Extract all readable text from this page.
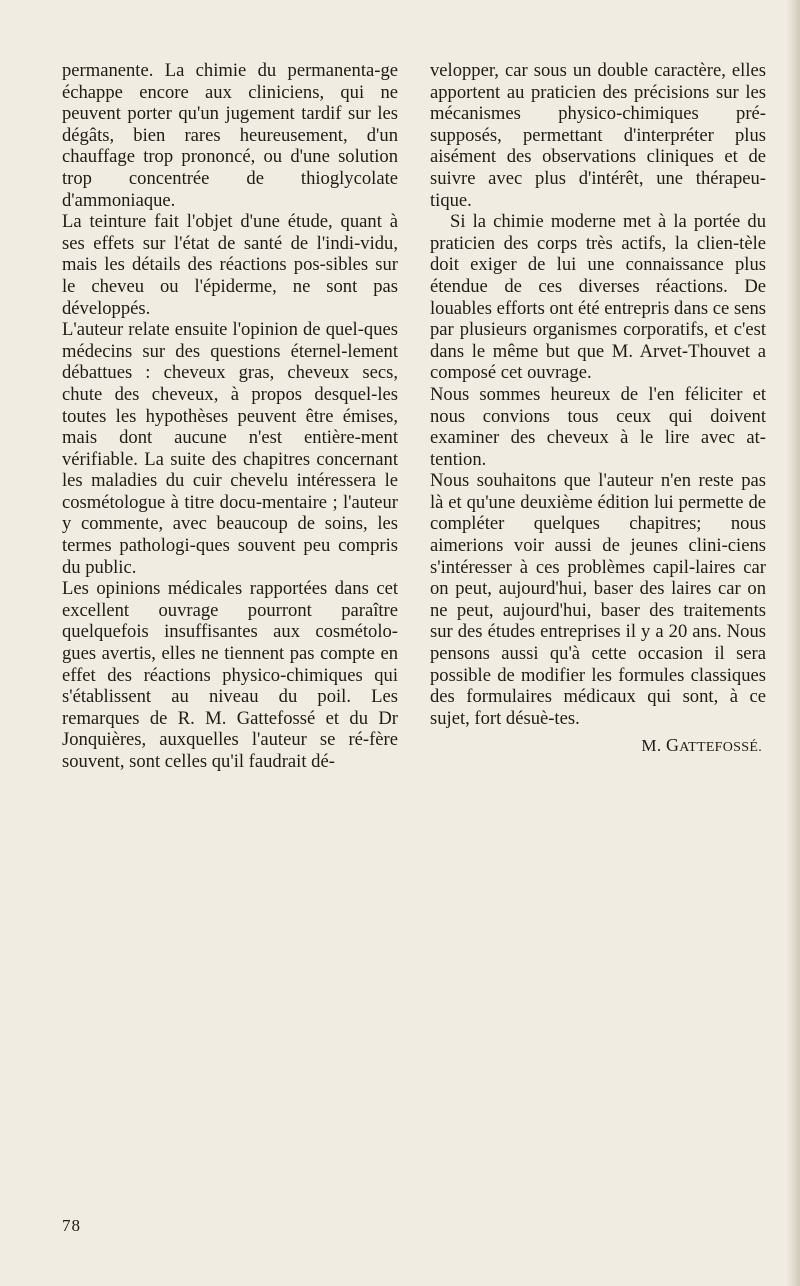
permanente. La chimie du permanenta-ge échappe encore aux cliniciens, qui ne peuvent porter qu'un jugement tardif sur les dégâts, bien rares heureusement, d'un chauffage trop prononcé, ou d'une solution trop concentrée de thioglycolate d'ammoniaque.

La teinture fait l'objet d'une étude, quant à ses effets sur l'état de santé de l'indi-vidu, mais les détails des réactions pos-sibles sur le cheveu ou l'épiderme, ne sont pas développés.

L'auteur relate ensuite l'opinion de quel-ques médecins sur des questions éternel-lement débattues : cheveux gras, cheveux secs, chute des cheveux, à propos desquel-les toutes les hypothèses peuvent être émises, mais dont aucune n'est entière-ment vérifiable. La suite des chapitres concernant les maladies du cuir chevelu intéressera le cosmétologue à titre docu-mentaire ; l'auteur y commente, avec beaucoup de soins, les termes pathologi-ques souvent peu compris du public.

Les opinions médicales rapportées dans cet excellent ouvrage pourront paraître quelquefois insuffisantes aux cosmétolo-gues avertis, elles ne tiennent pas compte en effet des réactions physico-chimiques qui s'établissent au niveau du poil. Les remarques de R. M. Gattefossé et du Dr Jonquières, auxquelles l'auteur se ré-fère souvent, sont celles qu'il faudrait dé-

velopper, car sous un double caractère, elles apportent au praticien des précisions sur les mécanismes physico-chimiques pré-supposés, permettant d'interpréter plus aisément des observations cliniques et de suivre avec plus d'intérêt, une thérapeu-tique.

Si la chimie moderne met à la portée du praticien des corps très actifs, la clien-tèle doit exiger de lui une connaissance plus étendue de ces diverses réactions. De louables efforts ont été entrepris dans ce sens par plusieurs organismes corporatifs, et c'est dans le même but que M. Arvet-Thouvet a composé cet ouvrage.

Nous sommes heureux de l'en féliciter et nous convions tous ceux qui doivent examiner des cheveux à le lire avec at-tention.

Nous souhaitons que l'auteur n'en reste pas là et qu'une deuxième édition lui permette de compléter quelques chapitres; nous aimerions voir aussi de jeunes clini-ciens s'intéresser à ces problèmes capil-laires car on peut, aujourd'hui, baser des laires car on ne peut, aujourd'hui, baser des traitements sur des études entreprises il y a 20 ans. Nous pensons aussi qu'à cette occasion il sera possible de modifier les formules classiques des formulaires médicaux qui sont, à ce sujet, fort désuè-tes.

M. GATTEFOSSÉ.

78
